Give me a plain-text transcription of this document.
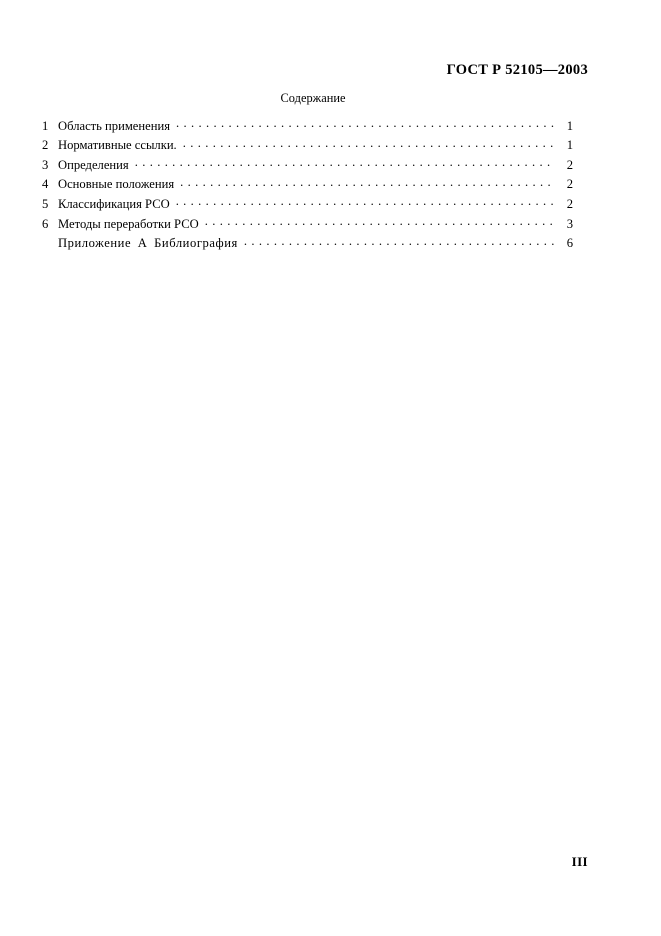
ГОСТ Р 52105—2003
Содержание
1 Область применения . . .	1
2 Нормативные ссылки. . . .	1
3 Определения . . .	2
4 Основные положения . . .	2
5 Классификация РСО . . .	2
6 Методы переработки РСО . . .	3
Приложение А Библиография . . .	6
III
